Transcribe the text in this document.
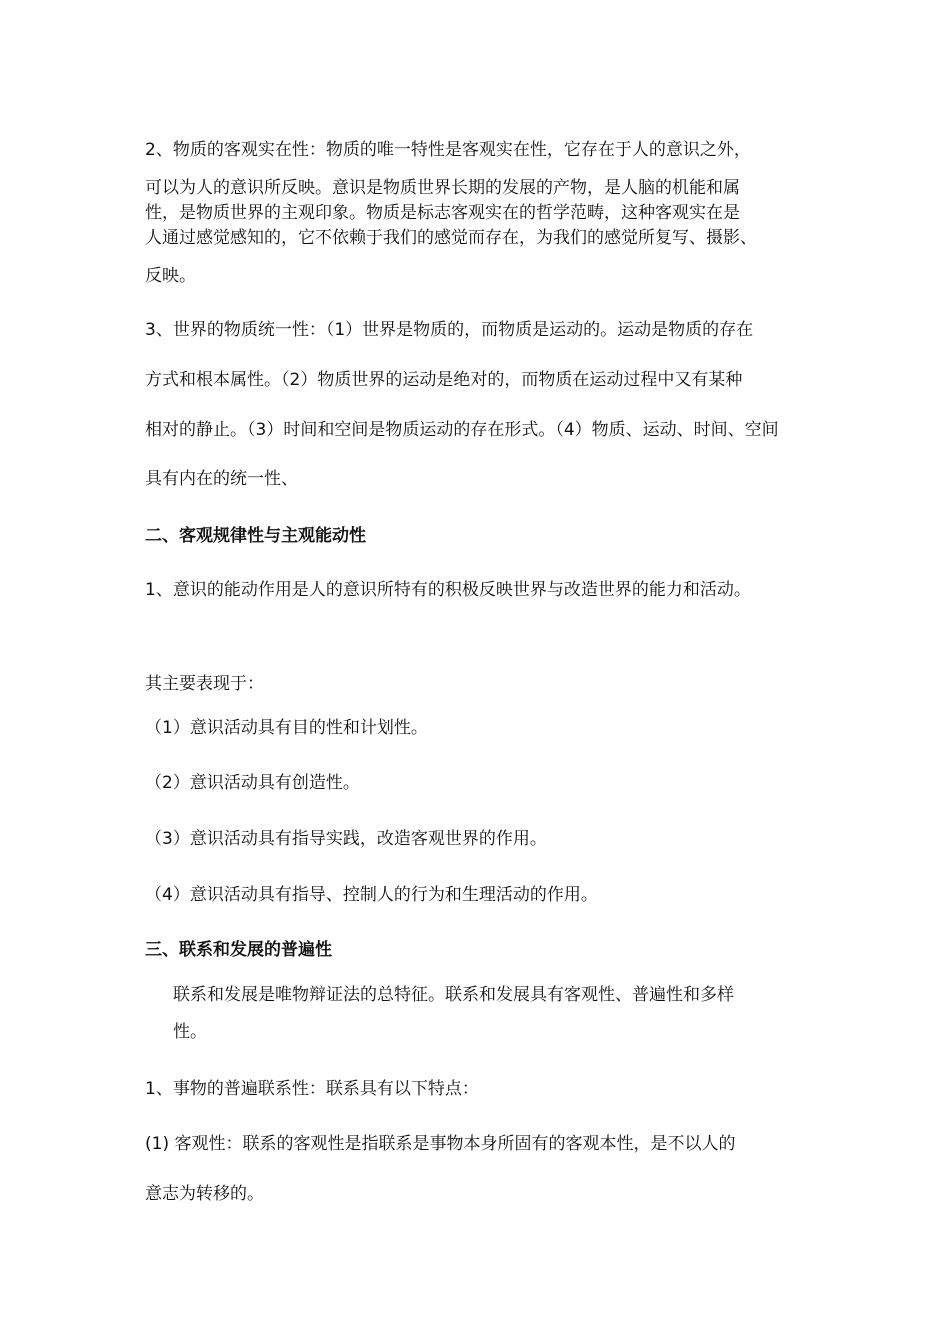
2、物质的客观实在性：物质的唯一特性是客观实在性，它存在于人的意识之外，

可以为人的意识所反映。意识是物质世界长期的发展的产物，是人脑的机能和属

性，是物质世界的主观印象。物质是标志客观实在的哲学范畴，这种客观实在是

人通过感觉感知的，它不依赖于我们的感觉而存在，为我们的感觉所复写、摄影、

反映。

3、世界的物质统一性：（1）世界是物质的，而物质是运动的。运动是物质的存在

方式和根本属性。（2）物质世界的运动是绝对的，而物质在运动过程中又有某种

相对的静止。（3）时间和空间是物质运动的存在形式。（4）物质、运动、时间、空间

具有内在的统一性、

二、客观规律性与主观能动性

1、意识的能动作用是人的意识所特有的积极反映世界与改造世界的能力和活动。

其主要表现于：

（1）意识活动具有目的性和计划性。

（2）意识活动具有创造性。

（3）意识活动具有指导实践，改造客观世界的作用。

（4）意识活动具有指导、控制人的行为和生理活动的作用。

三、联系和发展的普遍性

联系和发展是唯物辩证法的总特征。联系和发展具有客观性、普遍性和多样

性。

1、事物的普遍联系性：联系具有以下特点：

(1) 客观性：联系的客观性是指联系是事物本身所固有的客观本性，是不以人的

意志为转移的。
